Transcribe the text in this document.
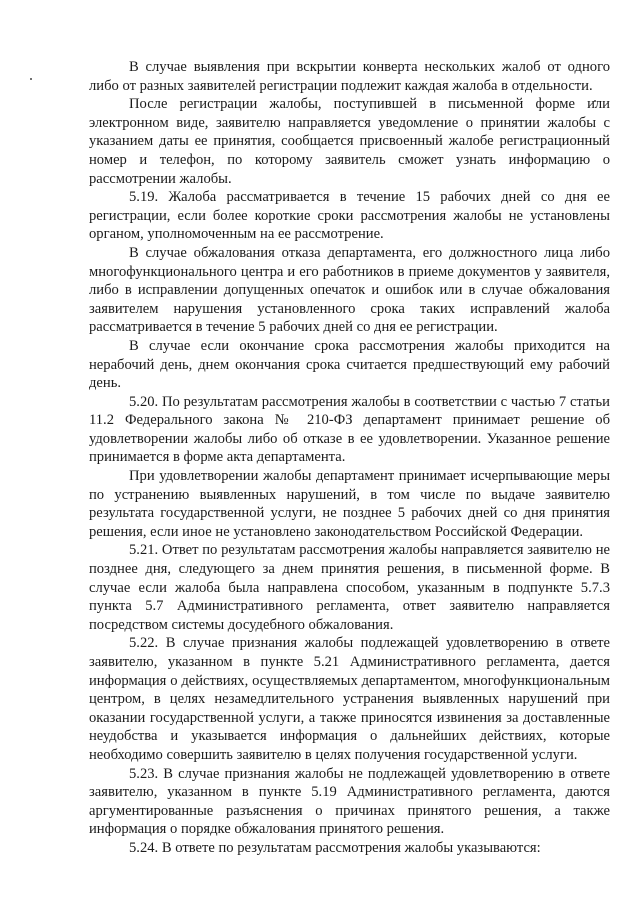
В случае выявления при вскрытии конверта нескольких жалоб от одного либо от разных заявителей регистрации подлежит каждая жалоба в отдельности.

После регистрации жалобы, поступившей в письменной форме или электронном виде, заявителю направляется уведомление о принятии жалобы с указанием даты ее принятия, сообщается присвоенный жалобе регистрационный номер и телефон, по которому заявитель сможет узнать информацию о рассмотрении жалобы.

5.19. Жалоба рассматривается в течение 15 рабочих дней со дня ее регистрации, если более короткие сроки рассмотрения жалобы не установлены органом, уполномоченным на ее рассмотрение.

В случае обжалования отказа департамента, его должностного лица либо многофункционального центра и его работников в приеме документов у заявителя, либо в исправлении допущенных опечаток и ошибок или в случае обжалования заявителем нарушения установленного срока таких исправлений жалоба рассматривается в течение 5 рабочих дней со дня ее регистрации.

В случае если окончание срока рассмотрения жалобы приходится на нерабочий день, днем окончания срока считается предшествующий ему рабочий день.

5.20. По результатам рассмотрения жалобы в соответствии с частью 7 статьи 11.2 Федерального закона № 210-ФЗ департамент принимает решение об удовлетворении жалобы либо об отказе в ее удовлетворении. Указанное решение принимается в форме акта департамента.

При удовлетворении жалобы департамент принимает исчерпывающие меры по устранению выявленных нарушений, в том числе по выдаче заявителю результата государственной услуги, не позднее 5 рабочих дней со дня принятия решения, если иное не установлено законодательством Российской Федерации.

5.21. Ответ по результатам рассмотрения жалобы направляется заявителю не позднее дня, следующего за днем принятия решения, в письменной форме. В случае если жалоба была направлена способом, указанным в подпункте 5.7.3 пункта 5.7 Административного регламента, ответ заявителю направляется посредством системы досудебного обжалования.

5.22. В случае признания жалобы подлежащей удовлетворению в ответе заявителю, указанном в пункте 5.21 Административного регламента, дается информация о действиях, осуществляемых департаментом, многофункциональным центром, в целях незамедлительного устранения выявленных нарушений при оказании государственной услуги, а также приносятся извинения за доставленные неудобства и указывается информация о дальнейших действиях, которые необходимо совершить заявителю в целях получения государственной услуги.

5.23. В случае признания жалобы не подлежащей удовлетворению в ответе заявителю, указанном в пункте 5.19 Административного регламента, даются аргументированные разъяснения о причинах принятого решения, а также информация о порядке обжалования принятого решения.

5.24. В ответе по результатам рассмотрения жалобы указываются:
